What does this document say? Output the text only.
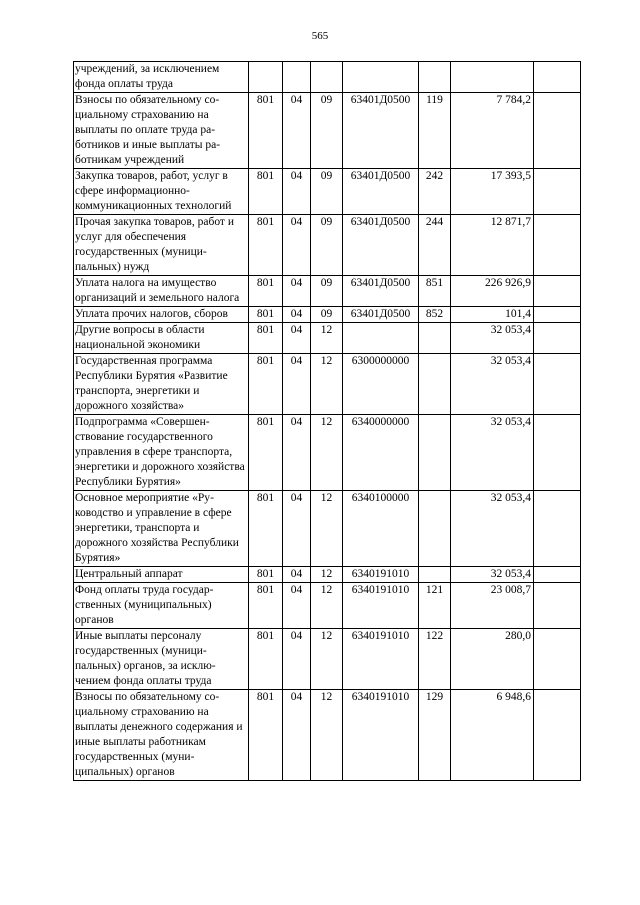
565
учреждений, за исключением фонда оплаты труда							
Взносы по обязательному социальному страхованию на выплаты по оплате труда работников и иные выплаты работникам учреждений	801	04	09	63401Д0500	119	7 784,2	
Закупка товаров, работ, услуг в сфере информационно-коммуникационных технологий	801	04	09	63401Д0500	242	17 393,5	
Прочая закупка товаров, работ и услуг для обеспечения государственных (муниципальных) нужд	801	04	09	63401Д0500	244	12 871,7	
Уплата налога на имущество организаций и земельного налога	801	04	09	63401Д0500	851	226 926,9	
Уплата прочих налогов, сборов	801	04	09	63401Д0500	852	101,4	
Другие вопросы в области национальной экономики	801	04	12			32 053,4	
Государственная программа Республики Бурятия «Развитие транспорта, энергетики и дорожного хозяйства»	801	04	12	6300000000		32 053,4	
Подпрограмма «Совершенствование государственного управления в сфере транспорта, энергетики и дорожного хозяйства Республики Бурятия»	801	04	12	6340000000		32 053,4	
Основное мероприятие «Руководство и управление в сфере энергетики, транспорта и дорожного хозяйства Республики Бурятия»	801	04	12	6340100000		32 053,4	
Центральный аппарат	801	04	12	6340191010		32 053,4	
Фонд оплаты труда государственных (муниципальных) органов	801	04	12	6340191010	121	23 008,7	
Иные выплаты персоналу государственных (муниципальных) органов, за исключением фонда оплаты труда	801	04	12	6340191010	122	280,0	
Взносы по обязательному социальному страхованию на выплаты денежного содержания и иные выплаты работникам государственных (муниципальных) органов	801	04	12	6340191010	129	6 948,6	
